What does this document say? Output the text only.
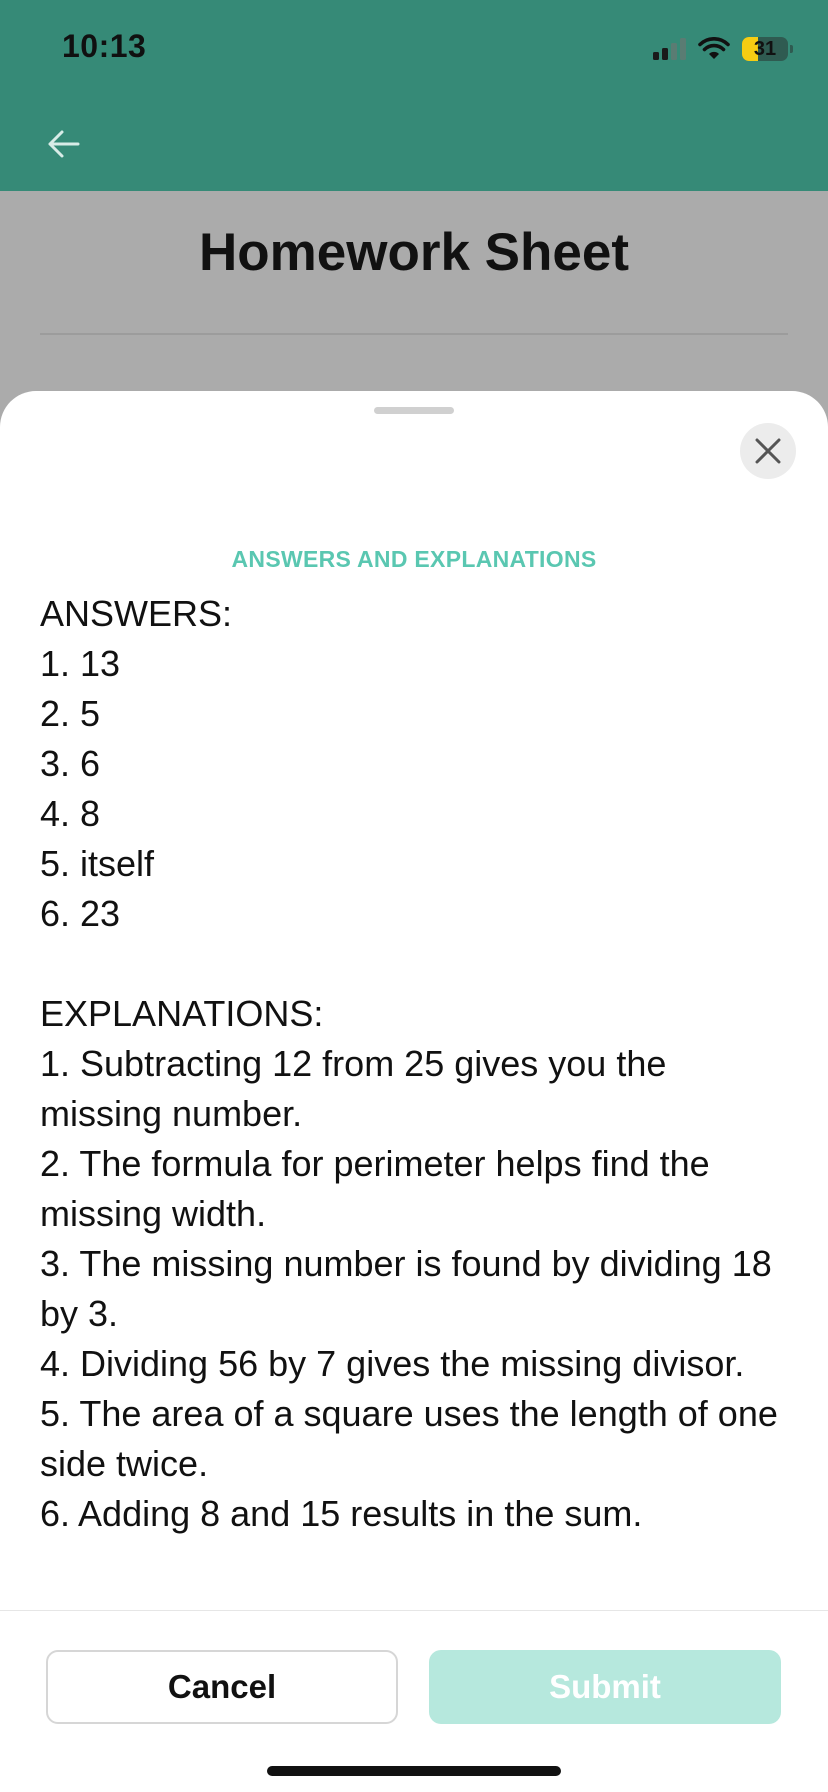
10:13	31
Homework Sheet
ANSWERS AND EXPLANATIONS
ANSWERS:
1. 13
2. 5
3. 6
4. 8
5. itself
6. 23
EXPLANATIONS:
1. Subtracting 12 from 25 gives you the missing number.
2. The formula for perimeter helps find the missing width.
3. The missing number is found by dividing 18 by 3.
4. Dividing 56 by 7 gives the missing divisor.
5. The area of a square uses the length of one side twice.
6. Adding 8 and 15 results in the sum.
Cancel	Submit
